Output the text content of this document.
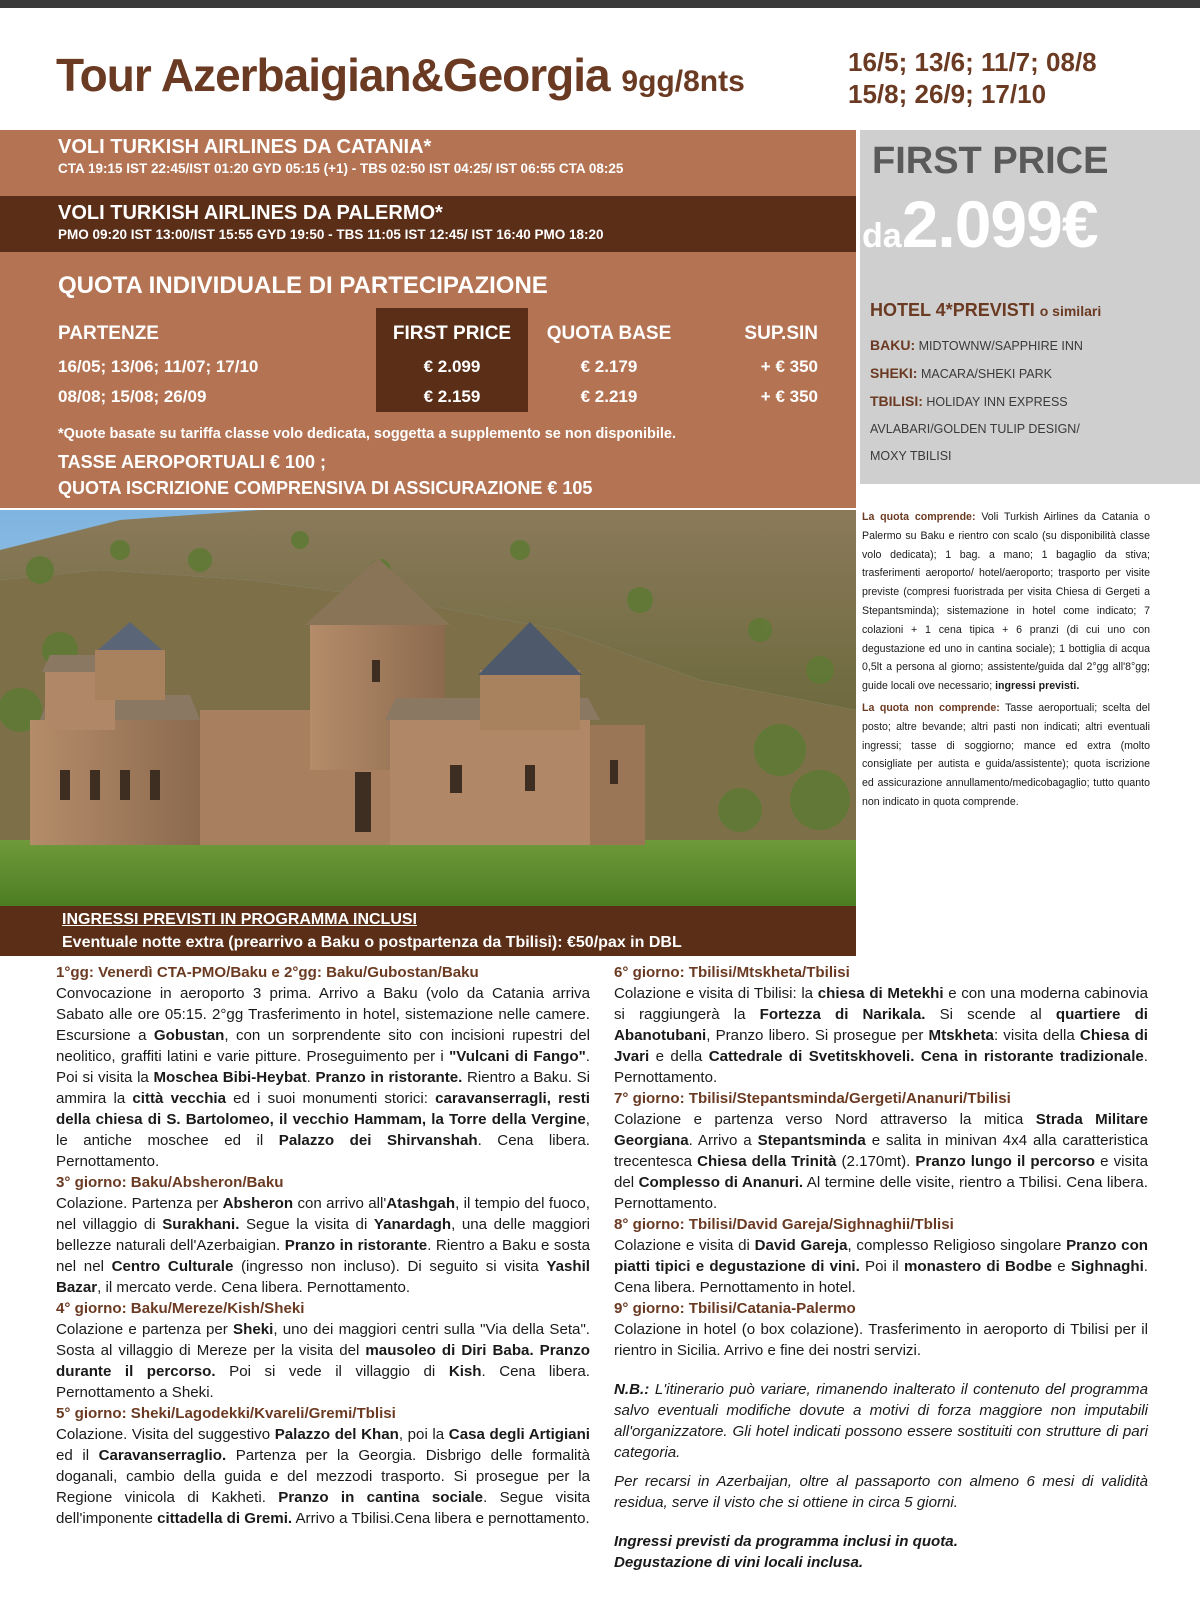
Tour Azerbaigian&Georgia 9gg/8nts
16/5; 13/6; 11/7; 08/8
15/8; 26/9; 17/10
VOLI TURKISH AIRLINES DA CATANIA*
CTA 19:15 IST 22:45/IST 01:20 GYD 05:15 (+1) - TBS 02:50 IST 04:25/ IST 06:55 CTA 08:25
VOLI TURKISH AIRLINES DA PALERMO*
PMO 09:20 IST 13:00/IST 15:55 GYD 19:50 - TBS 11:05 IST 12:45/ IST 16:40 PMO 18:20
QUOTA INDIVIDUALE DI PARTECIPAZIONE
PARTENZE	FIRST PRICE	QUOTA BASE	SUP.SIN
16/05; 13/06; 11/07; 17/10	€ 2.099	€ 2.179	+ € 350
08/08; 15/08; 26/09	€ 2.159	€ 2.219	+ € 350
*Quote basate su tariffa classe volo dedicata, soggetta a supplemento se non disponibile.
TASSE AEROPORTUALI € 100 ;
QUOTA ISCRIZIONE COMPRENSIVA DI ASSICURAZIONE € 105
FIRST PRICE
da2.099€
HOTEL 4*PREVISTI o similari
BAKU: MIDTOWNW/SAPPHIRE INN
SHEKI: MACARA/SHEKI PARK
TBILISI: HOLIDAY INN EXPRESS
AVLABARI/GOLDEN TULIP DESIGN/
MOXY TBILISI
INGRESSI PREVISTI IN PROGRAMMA INCLUSI
Eventuale notte extra (prearrivo a Baku o postpartenza da Tbilisi): €50/pax in DBL

La quota comprende: Voli Turkish Airlines da Catania o Palermo su Baku e rientro con scalo (su disponibilità classe volo dedicata); 1 bag. a mano; 1 bagaglio da stiva; trasferimenti aeroporto/ hotel/aeroporto; trasporto per visite previste (compresi fuoristrada per visita Chiesa di Gergeti a Stepantsminda); sistemazione in hotel come indicato; 7 colazioni + 1 cena tipica + 6 pranzi (di cui uno con degustazione ed uno in cantina sociale); 1 bottiglia di acqua 0,5lt a persona al giorno; assistente/guida dal 2°gg all'8°gg; guide locali ove necessario; ingressi previsti.

La quota non comprende: Tasse aeroportuali; scelta del posto; altre bevande; altri pasti non indicati; altri eventuali ingressi; tasse di soggiorno; mance ed extra (molto consigliate per autista e guida/assistente); quota iscrizione ed assicurazione annullamento/medicobagaglio; tutto quanto non indicato in quota comprende.

1°gg: Venerdì CTA-PMO/Baku e 2°gg: Baku/Gubostan/Baku

Convocazione in aeroporto 3 prima. Arrivo a Baku (volo da Catania arriva Sabato alle ore 05:15. 2°gg Trasferimento in hotel, sistemazione nelle camere. Escursione a Gobustan, con un sorprendente sito con incisioni rupestri del neolitico, graffiti latini e varie pitture. Proseguimento per i "Vulcani di Fango". Poi si visita la Moschea Bibi-Heybat. Pranzo in ristorante. Rientro a Baku. Si ammira la città vecchia ed i suoi monumenti storici: caravanserragli, resti della chiesa di S. Bartolomeo, il vecchio Hammam, la Torre della Vergine, le antiche moschee ed il Palazzo dei Shirvanshah. Cena libera. Pernottamento.

3° giorno: Baku/Absheron/Baku

Colazione. Partenza per Absheron con arrivo all'Atashgah, il tempio del fuoco, nel villaggio di Surakhani. Segue la visita di Yanardagh, una delle maggiori bellezze naturali dell'Azerbaigian. Pranzo in ristorante. Rientro a Baku e sosta nel nel Centro Culturale (ingresso non incluso). Di seguito si visita Yashil Bazar, il mercato verde. Cena libera. Pernottamento.

4° giorno: Baku/Mereze/Kish/Sheki

Colazione e partenza per Sheki, uno dei maggiori centri sulla "Via della Seta". Sosta al villaggio di Mereze per la visita del mausoleo di Diri Baba. Pranzo durante il percorso. Poi si vede il villaggio di Kish. Cena libera. Pernottamento a Sheki.

5° giorno: Sheki/Lagodekki/Kvareli/Gremi/Tblisi

Colazione. Visita del suggestivo Palazzo del Khan, poi la Casa degli Artigiani ed il Caravanserraglio. Partenza per la Georgia. Disbrigo delle formalità doganali, cambio della guida e del mezzodi trasporto. Si prosegue per la Regione vinicola di Kakheti. Pranzo in cantina sociale. Segue visita dell'imponente cittadella di Gremi. Arrivo a Tbilisi.Cena libera e pernottamento.

6° giorno: Tbilisi/Mtskheta/Tbilisi

Colazione e visita di Tbilisi: la chiesa di Metekhi e con una moderna cabinovia si raggiungerà la Fortezza di Narikala. Si scende al quartiere di Abanotubani, Pranzo libero. Si prosegue per Mtskheta: visita della Chiesa di Jvari e della Cattedrale di Svetitskhoveli. Cena in ristorante tradizionale. Pernottamento.

7° giorno: Tbilisi/Stepantsminda/Gergeti/Ananuri/Tbilisi

Colazione e partenza verso Nord attraverso la mitica Strada Militare Georgiana. Arrivo a Stepantsminda e salita in minivan 4x4 alla caratteristica trecentesca Chiesa della Trinità (2.170mt). Pranzo lungo il percorso e visita del Complesso di Ananuri. Al termine delle visite, rientro a Tbilisi. Cena libera. Pernottamento.

8° giorno: Tbilisi/David Gareja/Sighnaghii/Tblisi

Colazione e visita di David Gareja, complesso Religioso singolare Pranzo con piatti tipici e degustazione di vini. Poi il monastero di Bodbe e Sighnaghi. Cena libera. Pernottamento in hotel.

9° giorno: Tbilisi/Catania-Palermo

Colazione in hotel (o box colazione). Trasferimento in aeroporto di Tbilisi per il rientro in Sicilia. Arrivo e fine dei nostri servizi.

N.B.: L'itinerario può variare, rimanendo inalterato il contenuto del programma salvo eventuali modifiche dovute a motivi di forza maggiore non imputabili all'organizzatore. Gli hotel indicati possono essere sostituiti con strutture di pari categoria.

Per recarsi in Azerbaijan, oltre al passaporto con almeno 6 mesi di validità residua, serve il visto che si ottiene in circa 5 giorni.

Ingressi previsti da programma inclusi in quota.

Degustazione di vini locali inclusa.
